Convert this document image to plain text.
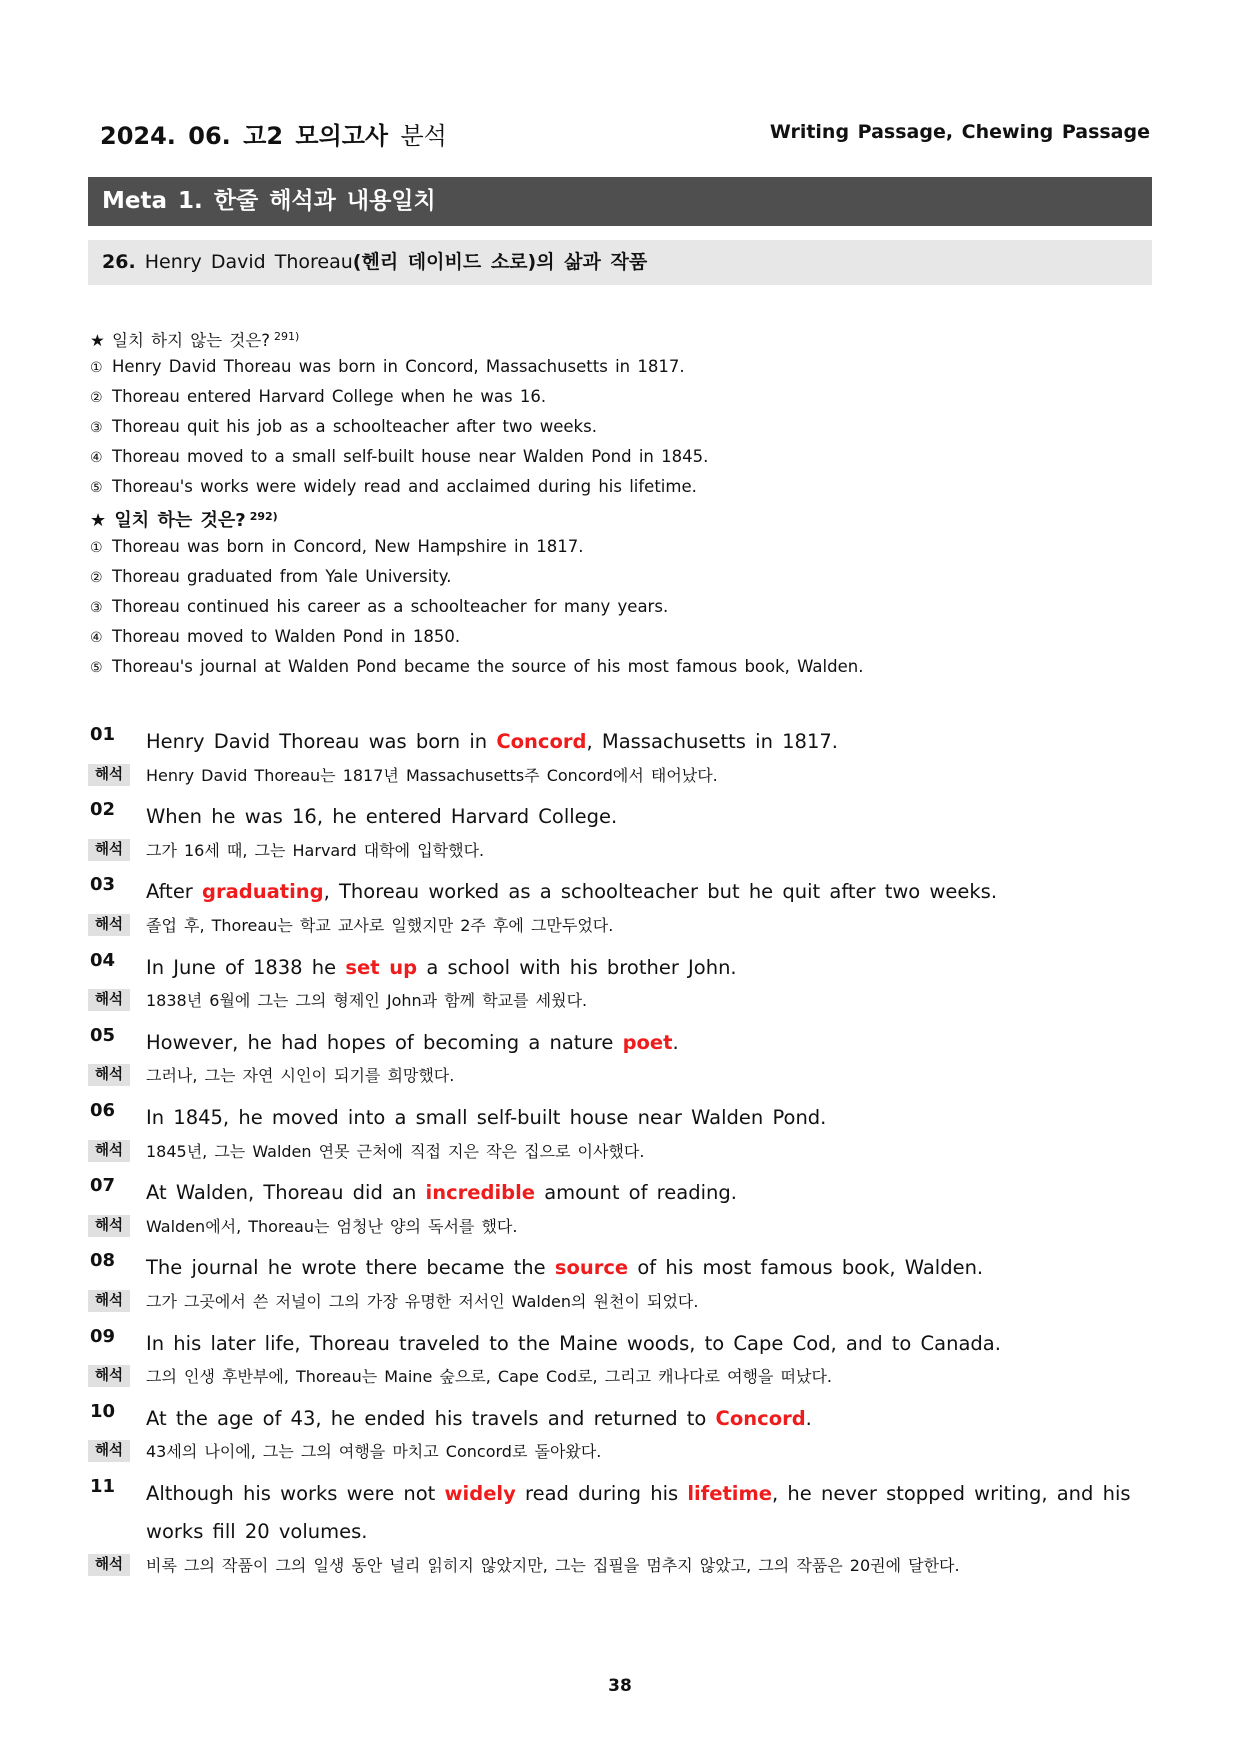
2024. 06. 고2 모의고사 분석	Writing Passage, Chewing Passage
Meta 1. 한줄 해석과 내용일치
26. Henry David Thoreau(헨리 데이비드 소로)의 삶과 작품
★ 일치 하지 않는 것은? $^{291)}$
① Henry David Thoreau was born in Concord, Massachusetts in 1817.
② Thoreau entered Harvard College when he was 16.
③ Thoreau quit his job as a schoolteacher after two weeks.
④ Thoreau moved to a small self-built house near Walden Pond in 1845.
⑤ Thoreau's works were widely read and acclaimed during his lifetime.
★ 일치 하는 것은? $^{292)}$
① Thoreau was born in Concord, New Hampshire in 1817.
② Thoreau graduated from Yale University.
③ Thoreau continued his career as a schoolteacher for many years.
④ Thoreau moved to Walden Pond in 1850.
⑤ Thoreau's journal at Walden Pond became the source of his most famous book, Walden.
01 Henry David Thoreau was born in Concord, Massachusetts in 1817.
해석	Henry David Thoreau는 1817년 Massachusetts주 Concord에서 태어났다.
02 When he was 16, he entered Harvard College.
해석	그가 16세 때, 그는 Harvard 대학에 입학했다.
03 After graduating, Thoreau worked as a schoolteacher but he quit after two weeks.
해석	졸업 후, Thoreau는 학교 교사로 일했지만 2주 후에 그만두었다.
04 In June of 1838 he set up a school with his brother John.
해석	1838년 6월에 그는 그의 형제인 John과 함께 학교를 세웠다.
05 However, he had hopes of becoming a nature poet.
해석	그러나, 그는 자연 시인이 되기를 희망했다.
06 In 1845, he moved into a small self-built house near Walden Pond.
해석	1845년, 그는 Walden 연못 근처에 직접 지은 작은 집으로 이사했다.
07 At Walden, Thoreau did an incredible amount of reading.
해석	Walden에서, Thoreau는 엄청난 양의 독서를 했다.
08 The journal he wrote there became the source of his most famous book, Walden.
해석	그가 그곳에서 쓴 저널이 그의 가장 유명한 저서인 Walden의 원천이 되었다.
09 In his later life, Thoreau traveled to the Maine woods, to Cape Cod, and to Canada.
해석	그의 인생 후반부에, Thoreau는 Maine 숲으로, Cape Cod로, 그리고 캐나다로 여행을 떠났다.
10 At the age of 43, he ended his travels and returned to Concord.
해석	43세의 나이에, 그는 그의 여행을 마치고 Concord로 돌아왔다.
11 Although his works were not widely read during his lifetime, he never stopped writing, and his works fill 20 volumes.
해석	비록 그의 작품이 그의 일생 동안 널리 읽히지 않았지만, 그는 집필을 멈추지 않았고, 그의 작품은 20권에 달한다.
38
